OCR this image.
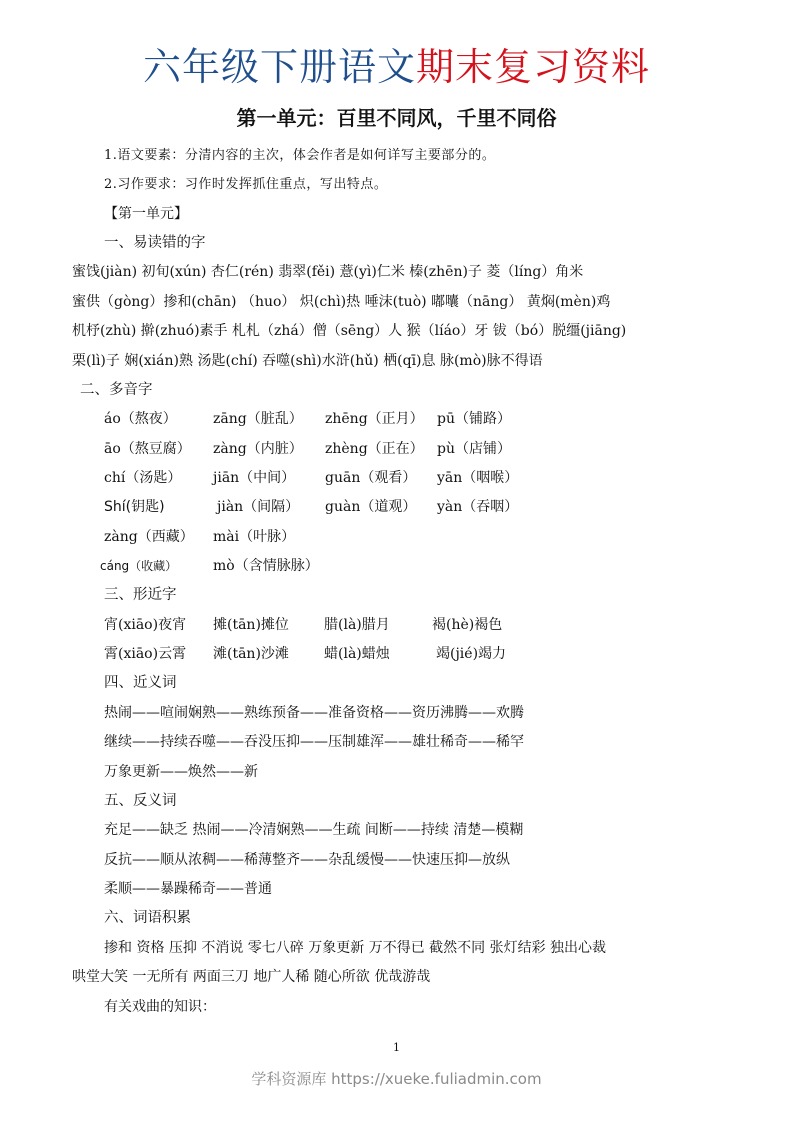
六年级下册语文期末复习资料
第一单元：百里不同风，千里不同俗
1.语文要素：分清内容的主次，体会作者是如何详写主要部分的。
2.习作要求：习作时发挥抓住重点，写出特点。
【第一单元】
一、易读错的字
蜜饯(jiàn) 初旬(xún) 杏仁(rén) 翡翠(fěi) 薏(yì)仁米 榛(zhēn)子 菱（líng）角米
蜜供（gòng）掺和(chān) （huo） 炽(chì)热 唾沫(tuò) 嘟囔（nāng） 黄焖(mèn)鸡
机杼(zhù) 擀(zhuó)素手 札札（zhá）僧（sēng）人 猴（líáo）牙 钹（bó）脱缰(jiāng)
栗(lì)子 娴(xián)熟 汤匙(chí) 吞噬(shì)水浒(hǔ) 栖(qī)息 脉(mò)脉不得语
二、多音字
áo（熬夜）	zāng（脏乱） zhēng（正月） pū（铺路）
āo（熬豆腐） zàng（内脏） zhèng（正在） pù（店铺）
chí（汤匙） jiān（中间） guān（观看） yān（咽喉）
Shí(钥匙)	jiàn（间隔） guàn（道观） yàn（吞咽）
zàng（西藏） mài（叶脉）
cáng（收藏）	mò（含情脉脉）
三、形近字
宵(xiāo)夜宵 摊(tān)摊位	腊(là)腊月	褐(hè)褐色
霄(xiāo)云霄 滩(tān)沙滩	蜡(là)蜡烛	竭(jié)竭力
四、近义词
热闹——喧闹娴熟——熟练预备——准备资格——资历沸腾——欢腾
继续——持续吞噬——吞没压抑——压制雄浑——雄壮稀奇——稀罕
万象更新——焕然——新
五、反义词
充足——缺乏 热闹——冷清娴熟——生疏 间断——持续 清楚—模糊
反抗——顺从浓稠——稀薄整齐——杂乱缓慢——快速压抑—放纵
柔顺——暴躁稀奇——普通
六、词语积累
掺和 资格 压抑 不消说 零七八碎 万象更新 万不得已 截然不同 张灯结彩 独出心裁
哄堂大笑 一无所有 两面三刀 地广人稀 随心所欲 优哉游哉
有关戏曲的知识：
1
学科资源库 https://xueke.fuliadmin.com
